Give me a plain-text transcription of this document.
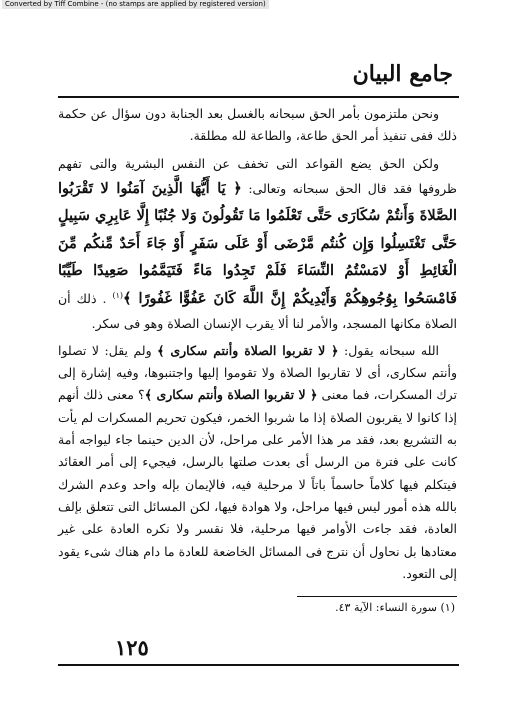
Converted by Tiff Combine - (no stamps are applied by registered version)
جامع البيان

ونحن ملتزمون بأمر الحق سبحانه بالغسل بعد الجنابة دون سؤال عن حكمة ذلك ففى تنفيذ أمر الحق طاعة، والطاعة لله مطلقة.

ولكن الحق يضع القواعد التى تخفف عن النفس البشرية والتى تفهم ظروفها فقد قال الحق سبحانه وتعالى: ﴿ يَا أَيُّهَا الَّذِينَ آمَنُوا لا تَقْرَبُوا الصَّلاةَ وَأَنتُمْ سُكَارَى حَتَّى تَعْلَمُوا مَا تَقُولُونَ وَلا جُنُبًا إِلَّا عَابِرِي سَبِيلٍ حَتَّى تَغْتَسِلُوا وَإِن كُنتُم مَّرْضَى أَوْ عَلَى سَفَرٍ أَوْ جَاءَ أَحَدٌ مِّنكُم مِّنَ الْغَائِطِ أَوْ لامَسْتُمُ النِّسَاءَ فَلَمْ تَجِدُوا مَاءً فَتَيَمَّمُوا صَعِيدًا طَيِّبًا فَامْسَحُوا بِوُجُوهِكُمْ وَأَيْدِيكُمْ إِنَّ اللَّهَ كَانَ عَفُوًّا غَفُورًا ﴾$^{(١)}$ . ذلك أن الصلاة مكانها المسجد، والأمر لنا ألا يقرب الإنسان الصلاة وهو فى سكر.

الله سبحانه يقول: ﴿ لا تقربوا الصلاة وأنتم سكارى ﴾ ولم يقل: لا تصلوا وأنتم سكارى، أى لا تقاربوا الصلاة ولا تقوموا إليها واجتنبوها، وفيه إشارة إلى ترك المسكرات، فما معنى ﴿ لا تقربوا الصلاة وأنتم سكارى ﴾؟ معنى ذلك أنهم إذا كانوا لا يقربون الصلاة إذا ما شربوا الخمر، فيكون تحريم المسكرات لم يأت به التشريع بعد، فقد مر هذا الأمر على مراحل، لأن الدين حينما جاء ليواجه أمة كانت على فترة من الرسل أى بعدت صلتها بالرسل، فيجيء إلى أمر العقائد فيتكلم فيها كلاماً حاسماً باتاً لا مرحلية فيه، فالإيمان بإله واحد وعدم الشرك بالله هذه أمور ليس فيها مراحل، ولا هوادة فيها، لكن المسائل التى تتعلق بإلف العادة، فقد جاءت الأوامر فيها مرحلية، فلا نقسر ولا نكره العادة على غير معتادها بل نحاول أن نترج فى المسائل الخاضعة للعادة ما دام هناك شىء يقود إلى التعود.

(١) سورة النساء: الآية ٤٣.
١٢٥
